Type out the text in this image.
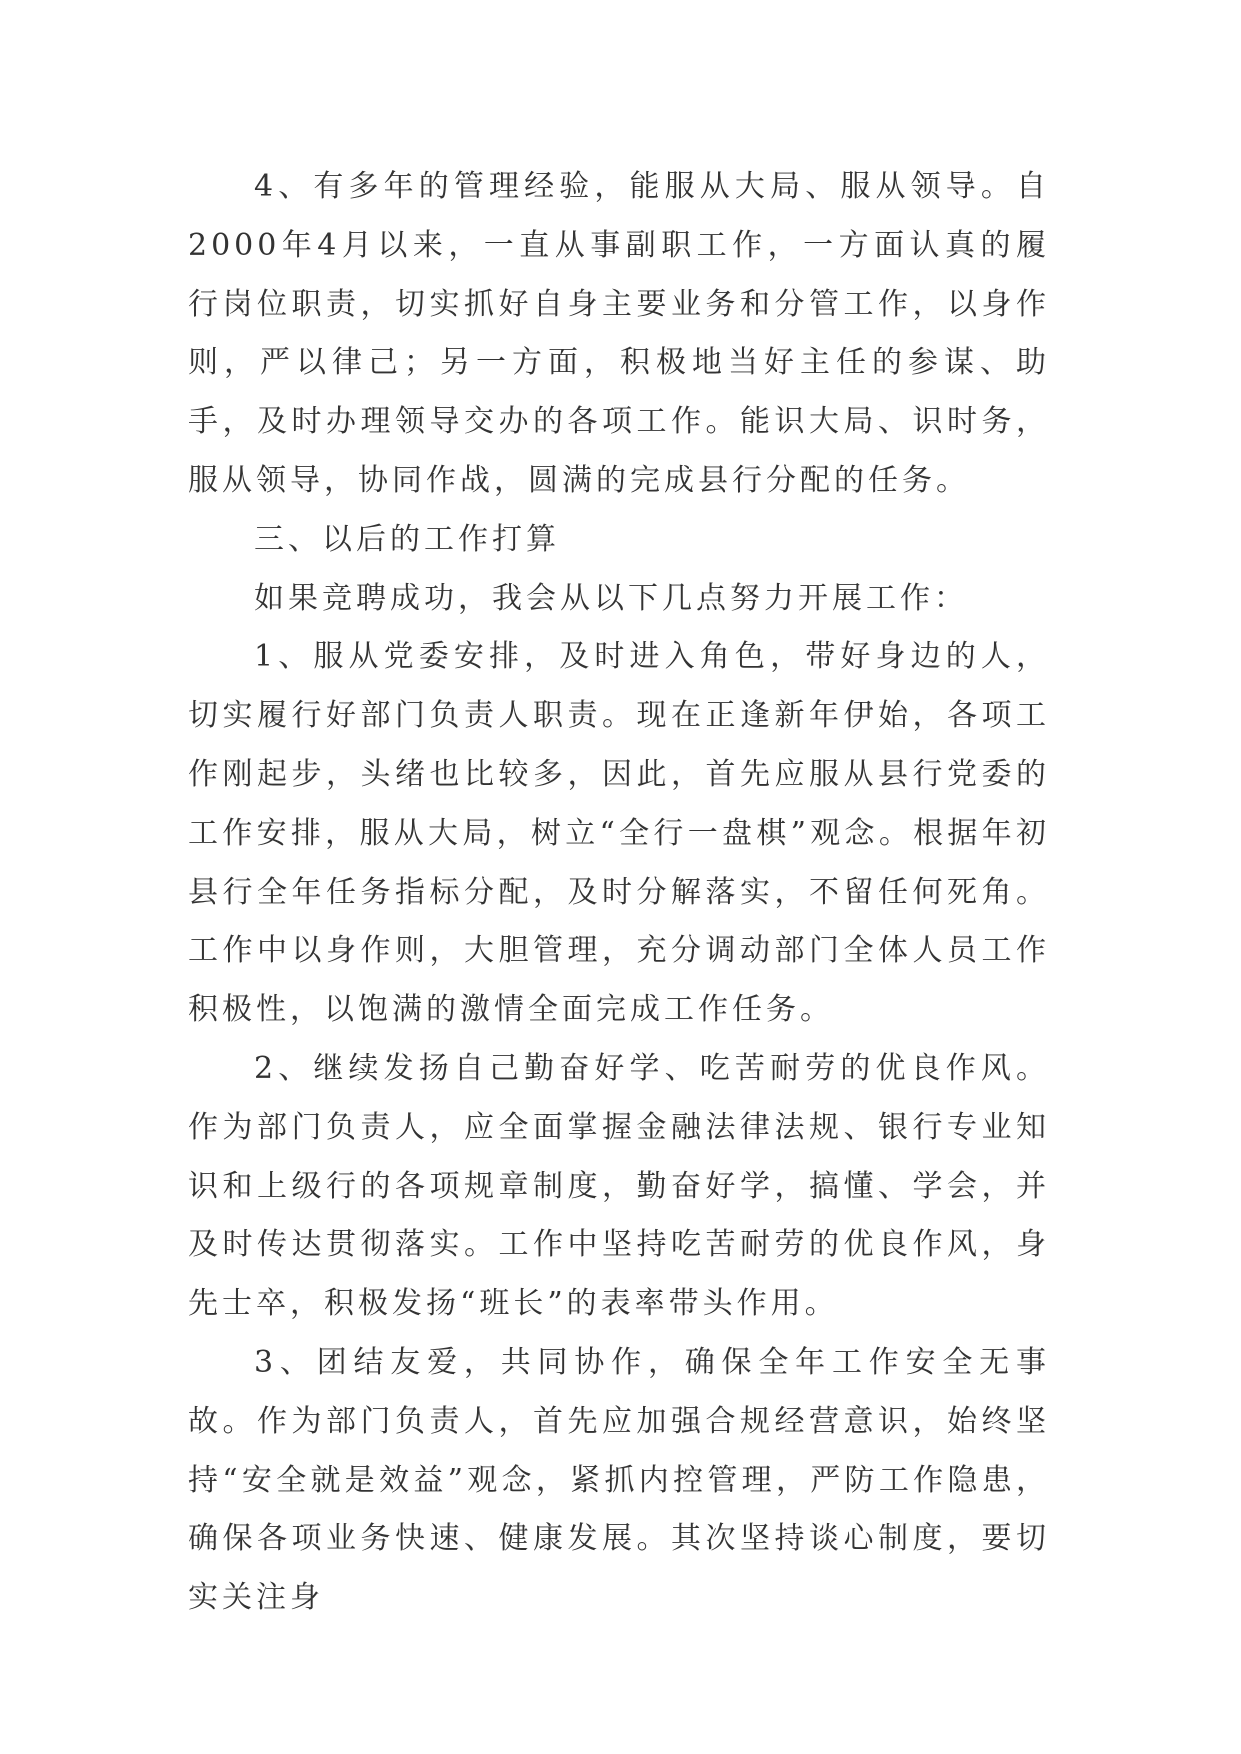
4、有多年的管理经验，能服从大局、服从领导。自2000年4月以来，一直从事副职工作，一方面认真的履行岗位职责，切实抓好自身主要业务和分管工作，以身作则，严以律己；另一方面，积极地当好主任的参谋、助手，及时办理领导交办的各项工作。能识大局、识时务，服从领导，协同作战，圆满的完成县行分配的任务。

三、以后的工作打算

如果竞聘成功，我会从以下几点努力开展工作：

1、服从党委安排，及时进入角色，带好身边的人，切实履行好部门负责人职责。现在正逢新年伊始，各项工作刚起步，头绪也比较多，因此，首先应服从县行党委的工作安排，服从大局，树立“全行一盘棋”观念。根据年初县行全年任务指标分配，及时分解落实，不留任何死角。工作中以身作则，大胆管理，充分调动部门全体人员工作积极性，以饱满的激情全面完成工作任务。

2、继续发扬自己勤奋好学、吃苦耐劳的优良作风。作为部门负责人，应全面掌握金融法律法规、银行专业知识和上级行的各项规章制度，勤奋好学，搞懂、学会，并及时传达贯彻落实。工作中坚持吃苦耐劳的优良作风，身先士卒，积极发扬“班长”的表率带头作用。

3、团结友爱，共同协作，确保全年工作安全无事故。作为部门负责人，首先应加强合规经营意识，始终坚持“安全就是效益”观念，紧抓内控管理，严防工作隐患，确保各项业务快速、健康发展。其次坚持谈心制度，要切实关注身
